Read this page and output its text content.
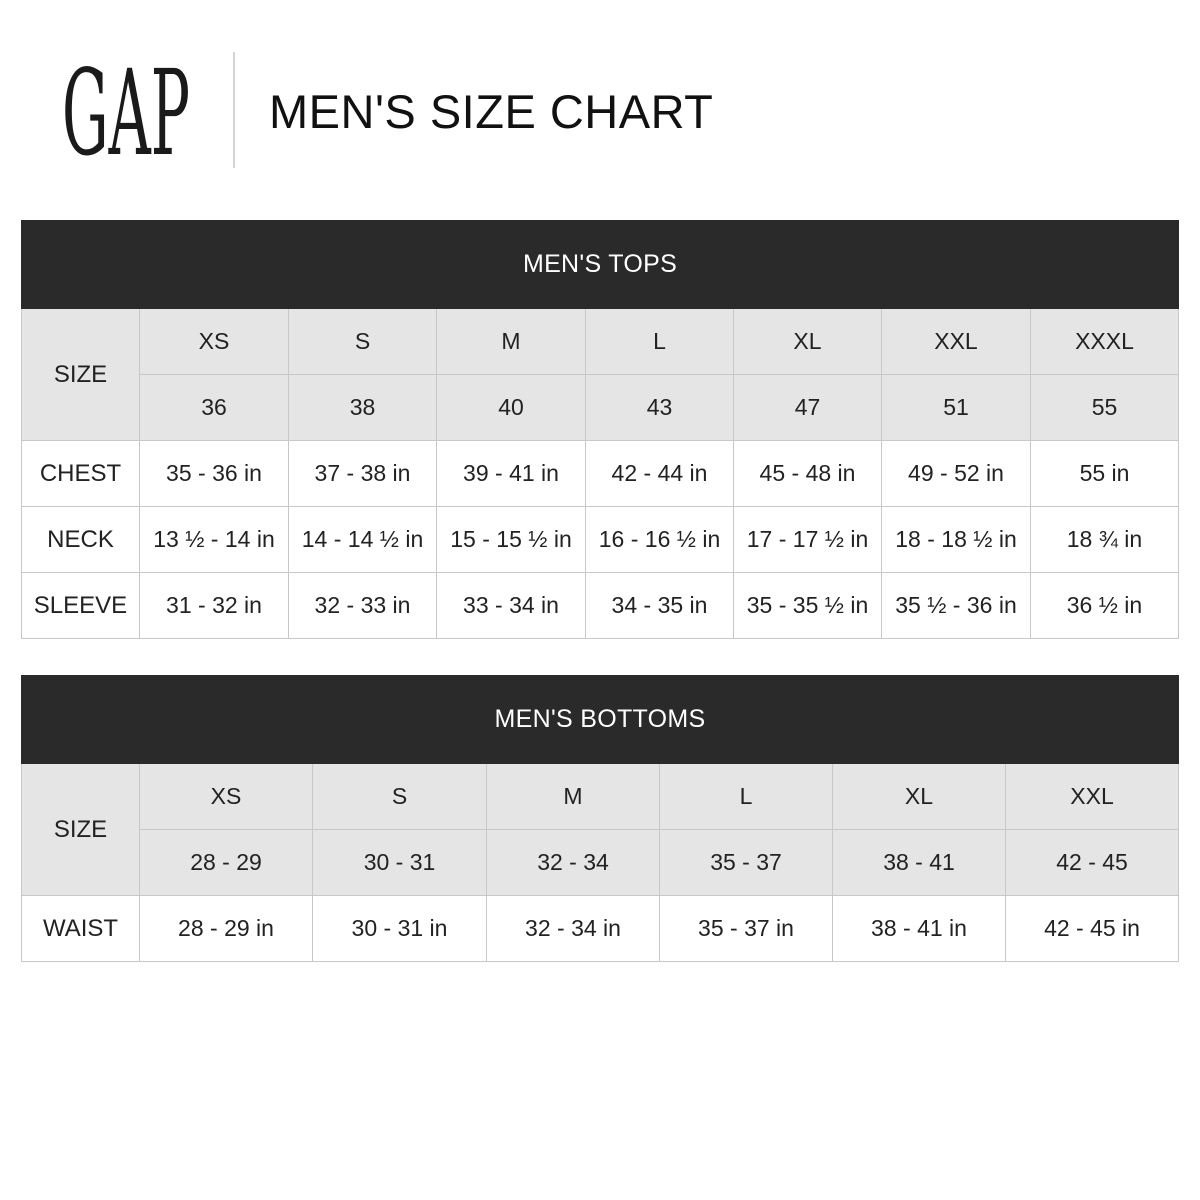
GAP MEN'S SIZE CHART
MEN'S TOPS							
SIZE	XS	S	M	L	XL	XXL	XXXL
	36	38	40	43	47	51	55
CHEST	35 - 36 in	37 - 38 in	39 - 41 in	42 - 44 in	45 - 48 in	49 - 52 in	55 in
NECK	13 ½ - 14 in	14 - 14 ½ in	15 - 15 ½ in	16 - 16 ½ in	17 - 17 ½ in	18 - 18 ½ in	18 ¾ in
SLEEVE	31 - 32 in	32 - 33 in	33 - 34 in	34 - 35 in	35 - 35 ½ in	35 ½ - 36 in	36 ½ in
MEN'S BOTTOMS						
SIZE	XS	S	M	L	XL	XXL
	28 - 29	30 - 31	32 - 34	35 - 37	38 - 41	42 - 45
WAIST	28 - 29 in	30 - 31 in	32 - 34 in	35 - 37 in	38 - 41 in	42 - 45 in
